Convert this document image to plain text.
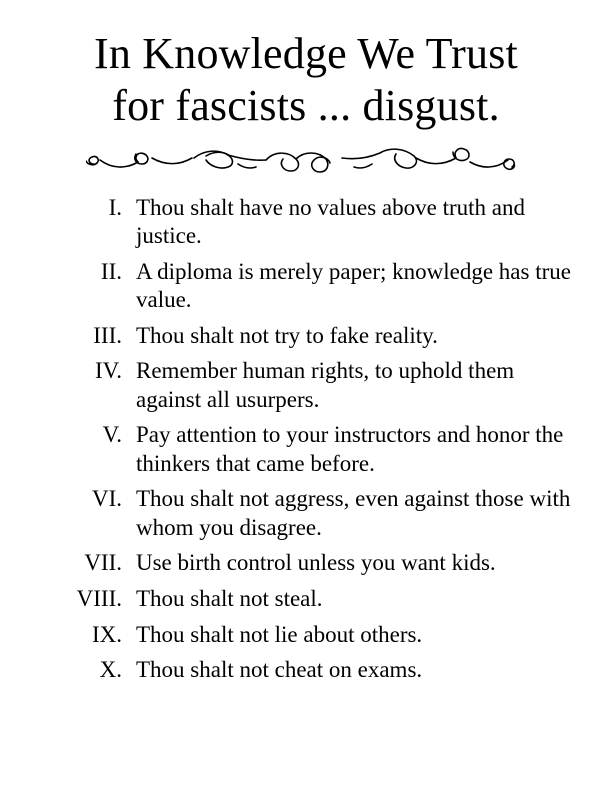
In Knowledge We Trust
for fascists ... disgust.
I. Thou shalt have no values above truth and justice.
II. A diploma is merely paper; knowledge has true value.
III. Thou shalt not try to fake reality.
IV. Remember human rights, to uphold them against all usurpers.
V. Pay attention to your instructors and honor the thinkers that came before.
VI. Thou shalt not aggress, even against those with whom you disagree.
VII. Use birth control unless you want kids.
VIII. Thou shalt not steal.
IX. Thou shalt not lie about others.
X. Thou shalt not cheat on exams.
